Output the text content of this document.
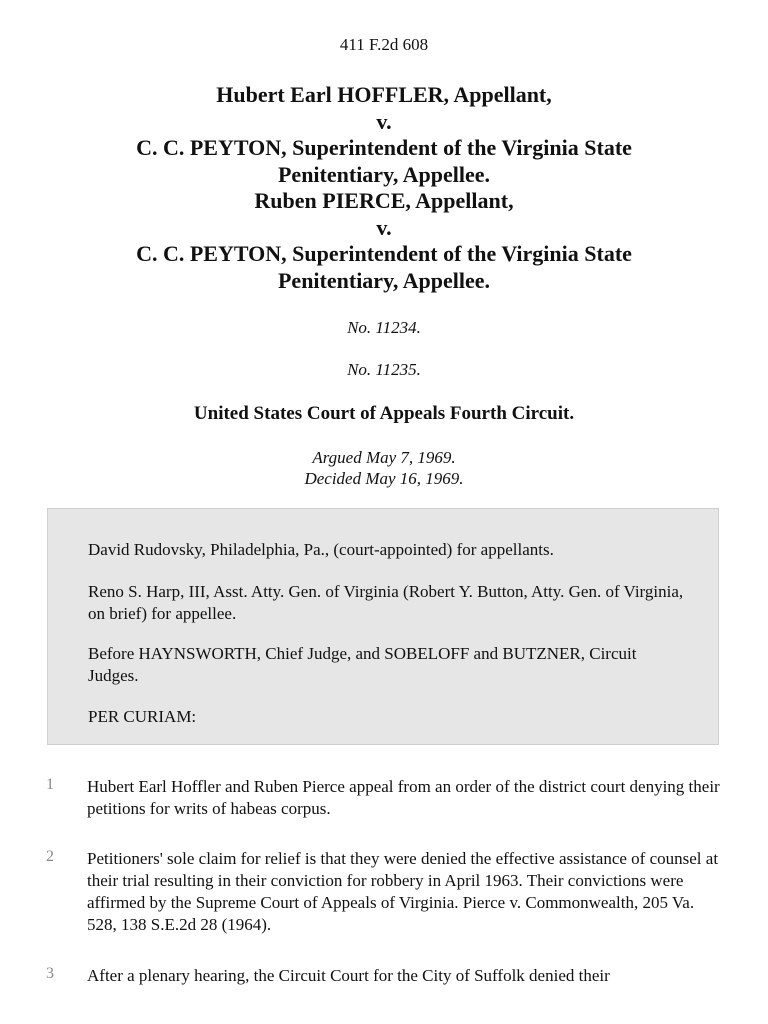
411 F.2d 608
Hubert Earl HOFFLER, Appellant,
v.
C. C. PEYTON, Superintendent of the Virginia State
Penitentiary, Appellee.
Ruben PIERCE, Appellant,
v.
C. C. PEYTON, Superintendent of the Virginia State
Penitentiary, Appellee.
No. 11234.
No. 11235.
United States Court of Appeals Fourth Circuit.
Argued May 7, 1969.
Decided May 16, 1969.

David Rudovsky, Philadelphia, Pa., (court-appointed) for appellants.

Reno S. Harp, III, Asst. Atty. Gen. of Virginia (Robert Y. Button, Atty. Gen. of Virginia, on brief) for appellee.

Before HAYNSWORTH, Chief Judge, and SOBELOFF and BUTZNER, Circuit Judges.

PER CURIAM:

1 Hubert Earl Hoffler and Ruben Pierce appeal from an order of the district court denying their petitions for writs of habeas corpus.

2 Petitioners' sole claim for relief is that they were denied the effective assistance of counsel at their trial resulting in their conviction for robbery in April 1963. Their convictions were affirmed by the Supreme Court of Appeals of Virginia. Pierce v. Commonwealth, 205 Va. 528, 138 S.E.2d 28 (1964).

3 After a plenary hearing, the Circuit Court for the City of Suffolk denied their
